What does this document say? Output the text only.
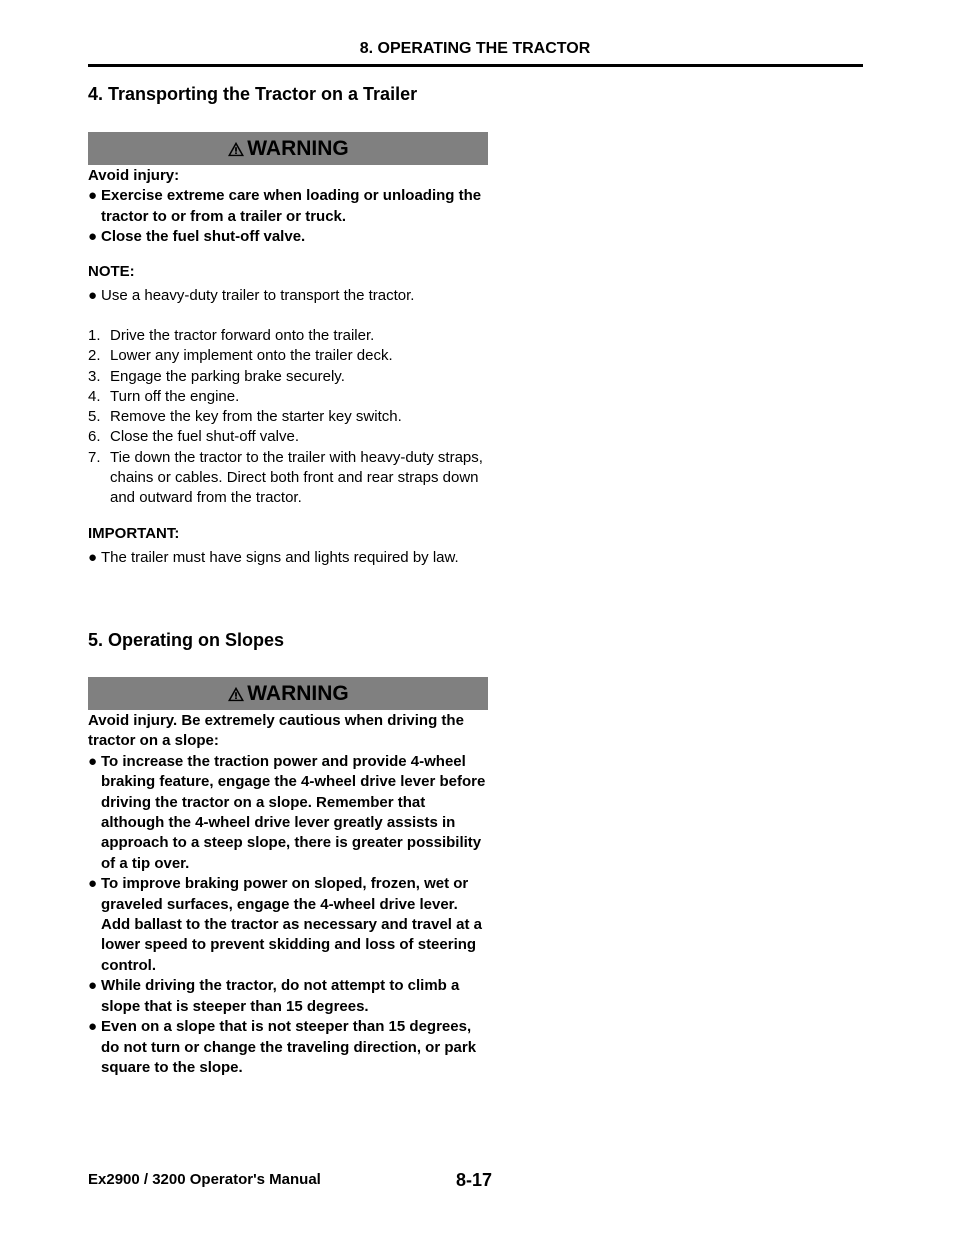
8. OPERATING THE TRACTOR
4. Transporting the Tractor on a Trailer
WARNING
Avoid injury:
● Exercise extreme care when loading or unloading the tractor to or from a trailer or truck.
● Close the fuel shut-off valve.
NOTE:
● Use a heavy-duty trailer to transport the tractor.
1. Drive the tractor forward onto the trailer.
2. Lower any implement onto the trailer deck.
3. Engage the parking brake securely.
4. Turn off the engine.
5. Remove the key from the starter key switch.
6. Close the fuel shut-off valve.
7. Tie down the tractor to the trailer with heavy-duty straps, chains or cables. Direct both front and rear straps down and outward from the tractor.
IMPORTANT:
● The trailer must have signs and lights required by law.
5. Operating on Slopes
WARNING
Avoid injury. Be extremely cautious when driving the tractor on a slope:
● To increase the traction power and provide 4-wheel braking feature, engage the 4-wheel drive lever before driving the tractor on a slope. Remember that although the 4-wheel drive lever greatly assists in approach to a steep slope, there is greater possibility of a tip over.
● To improve braking power on sloped, frozen, wet or graveled surfaces, engage the 4-wheel drive lever. Add ballast to the tractor as necessary and travel at a lower speed to prevent skidding and loss of steering control.
● While driving the tractor, do not attempt to climb a slope that is steeper than 15 degrees.
● Even on a slope that is not steeper than 15 degrees, do not turn or change the traveling direction, or park square to the slope.
Ex2900 / 3200 Operator's Manual	8-17
